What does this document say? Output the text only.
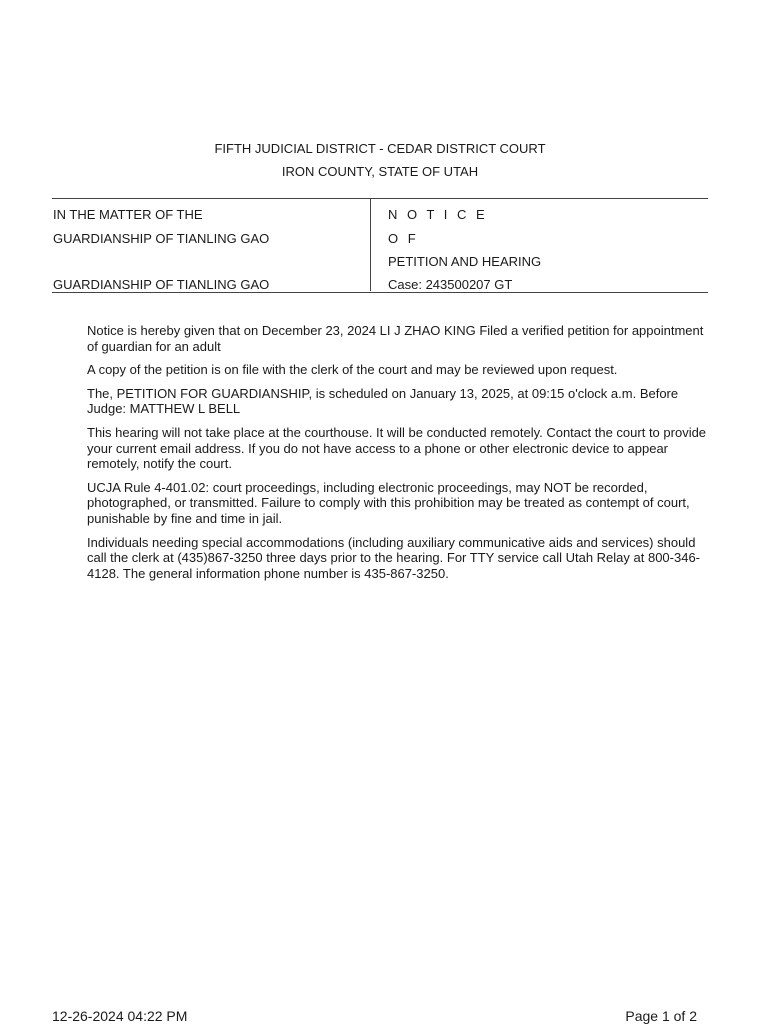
FIFTH JUDICIAL DISTRICT - CEDAR DISTRICT COURT
IRON COUNTY, STATE OF UTAH
IN THE MATTER OF THE
GUARDIANSHIP OF TIANLING GAO
GUARDIANSHIP OF TIANLING GAO
N O T I C E
O F
PETITION AND HEARING
Case: 243500207 GT

Notice is hereby given that on December 23, 2024 LI J ZHAO KING Filed a verified petition for appointment of guardian for an adult

A copy of the petition is on file with the clerk of the court and may be reviewed upon request.

The, PETITION FOR GUARDIANSHIP, is scheduled on January 13, 2025, at 09:15 o'clock a.m. Before Judge: MATTHEW L BELL

This hearing will not take place at the courthouse. It will be conducted remotely. Contact the court to provide your current email address. If you do not have access to a phone or other electronic device to appear remotely, notify the court.

UCJA Rule 4-401.02: court proceedings, including electronic proceedings, may NOT be recorded, photographed, or transmitted. Failure to comply with this prohibition may be treated as contempt of court, punishable by fine and time in jail.

Individuals needing special accommodations (including auxiliary communicative aids and services) should call the clerk at (435)867-3250 three days prior to the hearing. For TTY service call Utah Relay at 800-346-4128. The general information phone number is 435-867-3250.

12-26-2024 04:22 PM	Page 1 of 2
